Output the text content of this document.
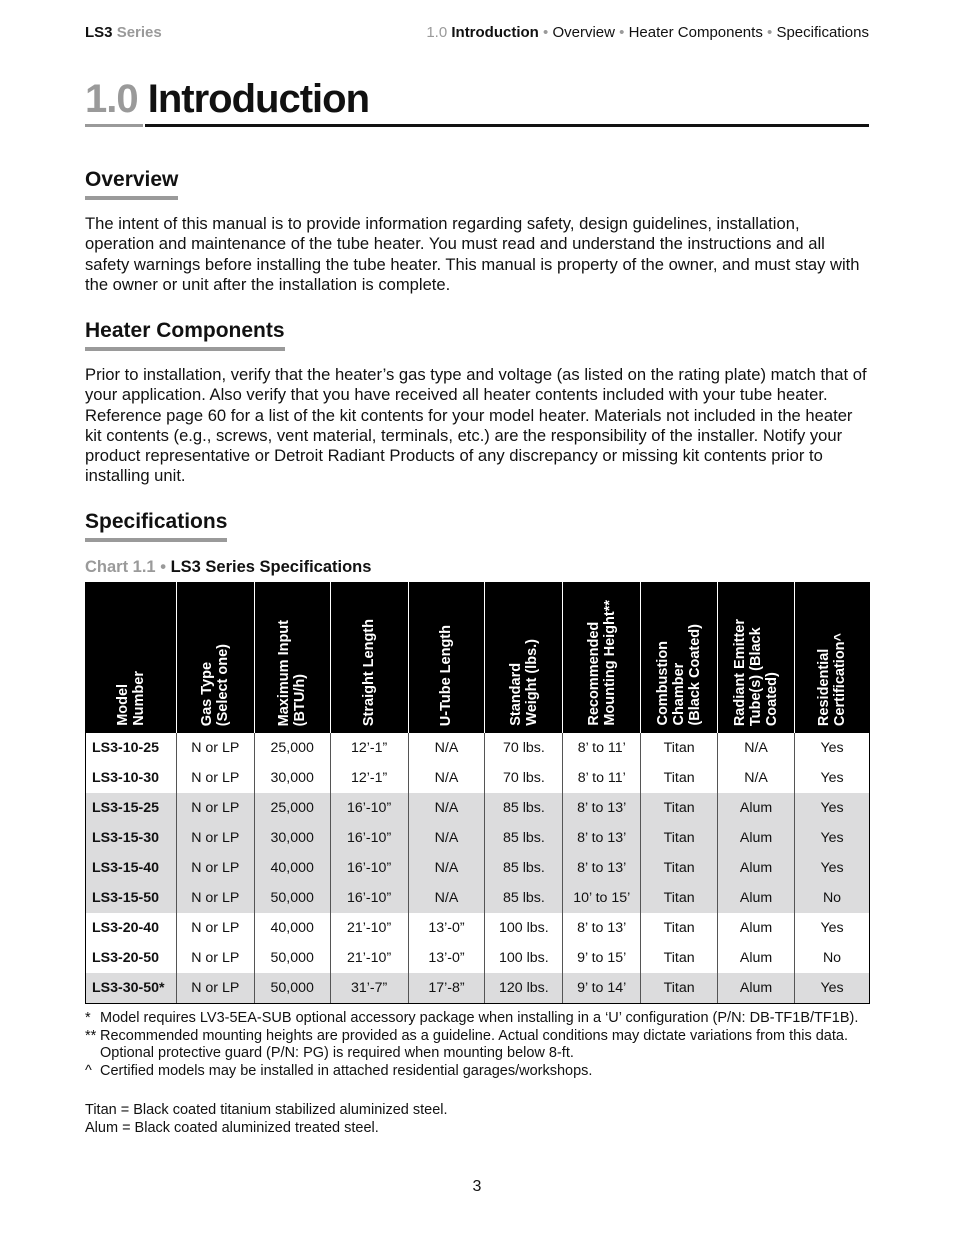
LS3 Series	1.0 Introduction • Overview • Heater Components • Specifications
1.0 Introduction
Overview

The intent of this manual is to provide information regarding safety, design guidelines, installation, operation and maintenance of the tube heater. You must read and understand the instructions and all safety warnings before installing the tube heater. This manual is property of the owner, and must stay with the owner or unit after the installation is complete.

Heater Components

Prior to installation, verify that the heater’s gas type and voltage (as listed on the rating plate) match that of your application. Also verify that you have received all heater contents included with your tube heater. Reference page 60 for a list of the kit contents for your model heater. Materials not included in the heater kit contents (e.g., screws, vent material, terminals, etc.) are the responsibility of the installer. Notify your product representative or Detroit Radiant Products of any discrepancy or missing kit contents prior to installing unit.

Specifications
Chart 1.1 • LS3 Series Specifications
Model
Number	Gas Type
(Select one)	Maximum Input
(BTU/h)	Straight Length	U-Tube Length	Standard
Weight (lbs.)	Recommended
Mounting Height**	Combustion
Chamber
(Black Coated)	Radiant Emitter
Tube(s) (Black
Coated)	Residential
Certification^

LS3-10-25	N or LP	25,000	12’-1”	N/A	70 lbs.	8’ to 11’	Titan	N/A	Yes
LS3-10-30	N or LP	30,000	12’-1”	N/A	70 lbs.	8’ to 11’	Titan	N/A	Yes
LS3-15-25	N or LP	25,000	16’-10”	N/A	85 lbs.	8’ to 13’	Titan	Alum	Yes
LS3-15-30	N or LP	30,000	16’-10”	N/A	85 lbs.	8’ to 13’	Titan	Alum	Yes
LS3-15-40	N or LP	40,000	16’-10”	N/A	85 lbs.	8’ to 13’	Titan	Alum	Yes
LS3-15-50	N or LP	50,000	16’-10”	N/A	85 lbs.	10’ to 15’	Titan	Alum	No
LS3-20-40	N or LP	40,000	21’-10”	13’-0”	100 lbs.	8’ to 13’	Titan	Alum	Yes
LS3-20-50	N or LP	50,000	21’-10”	13’-0”	100 lbs.	9’ to 15’	Titan	Alum	No
LS3-30-50*	N or LP	50,000	31’-7”	17’-8”	120 lbs.	9’ to 14’	Titan	Alum	Yes
* Model requires LV3-5EA-SUB optional accessory package when installing in a ‘U’ configuration (P/N: DB-TF1B/TF1B).
** Recommended mounting heights are provided as a guideline. Actual conditions may dictate variations from this data. Optional protective guard (P/N: PG) is required when mounting below 8-ft.
^ Certified models may be installed in attached residential garages/workshops.
Titan = Black coated titanium stabilized aluminized steel.
Alum = Black coated aluminized treated steel.
3
